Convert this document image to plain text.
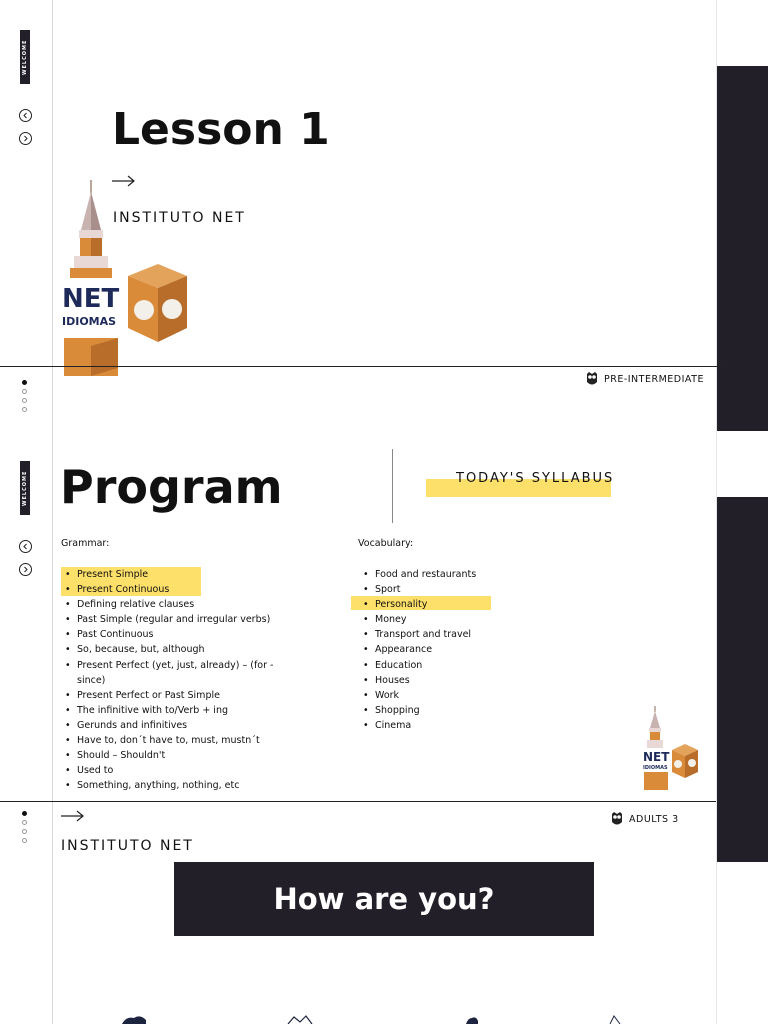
WELCOME
Lesson 1
INSTITUTO NET
NET
IDIOMAS
PRE-INTERMEDIATE
WELCOME Program	TODAY'S SYLLABUS
Grammar:
• Present Simple
• Present Continuous
• Defining relative clauses
• Past Simple (regular and irregular verbs)
• Past Continuous
• So, because, but, although
• Present Perfect (yet, just, already) – (for - since)
• Present Perfect or Past Simple
• The infinitive with to/Verb + ing
• Gerunds and infinitives
• Have to, don´t have to, must, mustn´t
• Should – Shouldn't
• Used to
• Something, anything, nothing, etc
Vocabulary:
• Food and restaurants
• Sport
• Personality
• Money
• Transport and travel
• Appearance
• Education
• Houses
• Work
• Shopping
• Cinema
NET
IDIOMAS
ADULTS 3
INSTITUTO NET
How are you?
